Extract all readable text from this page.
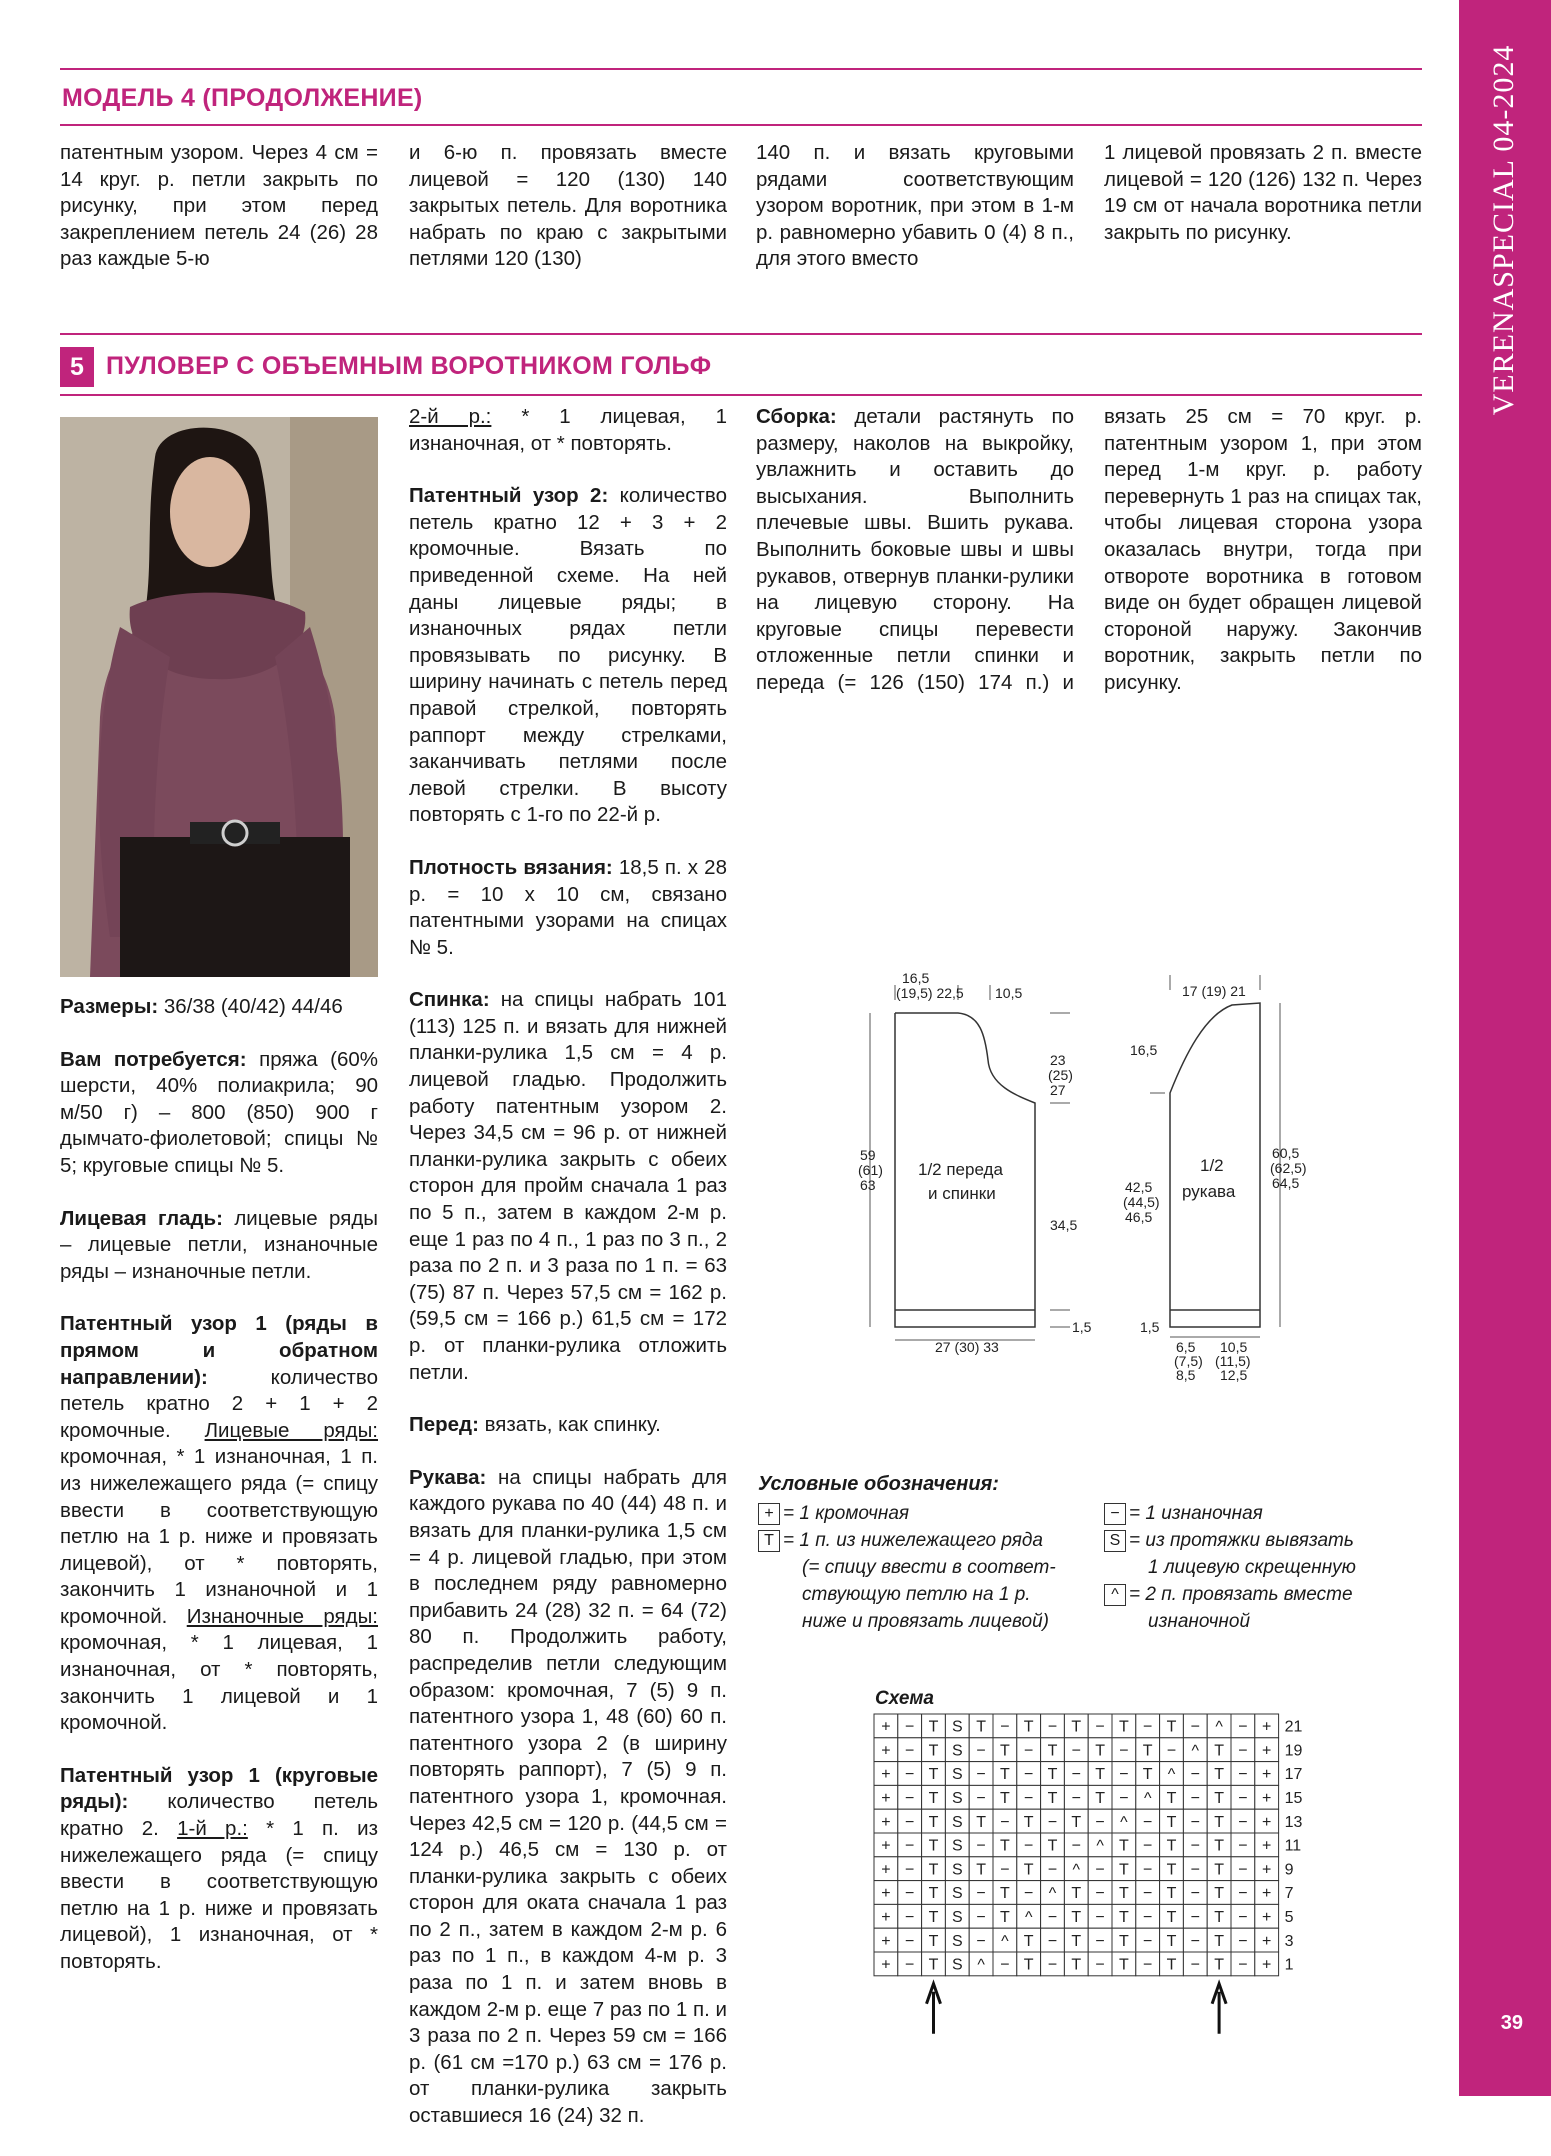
VERENASPECIAL 04-2024
39
МОДЕЛЬ 4 (ПРОДОЛЖЕНИЕ)
патентным узором. Через 4 см = 14 круг. р. петли закрыть по рисунку, при этом перед закреплением петель 24 (26) 28 раз каждые 5-ю
и 6-ю п. провязать вместе лицевой = 120 (130) 140 закрытых петель. Для воротника набрать по краю с закрытыми петлями 120 (130)
140 п. и вязать круговыми рядами соответствующим узором воротник, при этом в 1-м р. равномерно убавить 0 (4) 8 п., для этого вместо
1 лицевой провязать 2 п. вместе лицевой = 120 (126) 132 п. Через 19 см от начала воротника петли закрыть по рисунку.
5 ПУЛОВЕР С ОБЪЕМНЫМ ВОРОТНИКОМ ГОЛЬФ

Размеры: 36/38 (40/42) 44/46

Вам потребуется: пряжа (60% шерсти, 40% полиакрила; 90 м/50 г) – 800 (850) 900 г дымчато-фиолетовой; спицы № 5; круговые спицы № 5.

Лицевая гладь: лицевые ряды – лицевые петли, изнаночные ряды – изнаночные петли.

Патентный узор 1 (ряды в прямом и обратном направлении):	количество петель кратно 2 + 1 + 2 кромочные. Лицевые ряды: кромочная, * 1 изнаночная, 1 п. из нижележащего ряда (= спицу ввести в соответствующую петлю на 1 р. ниже и провязать лицевой), от * повторять, закончить 1 изнаночной и 1 кромочной. Изнаночные ряды: кромочная, * 1 лицевая, 1 изнаночная, от * повторять, закончить 1 лицевой и 1 кромочной.

Патентный узор 1 (круговые ряды): количество петель кратно 2. 1-й р.: * 1 п. из нижележащего ряда (= спицу ввести в соответствующую петлю на 1 р. ниже и провязать лицевой), 1 изнаночная, от * повторять.

2-й р.: * 1 лицевая, 1 изнаночная, от * повторять.

Патентный узор 2: количество петель кратно 12 + 3 + 2 кромочные. Вязать по приведенной схеме. На ней даны лицевые ряды; в изнаночных рядах петли провязывать по рисунку. В ширину начинать с петель перед правой стрелкой, повторять раппорт между стрелками, заканчивать петлями после левой стрелки. В высоту повторять с 1-го по 22-й р.

Плотность вязания: 18,5 п. х 28 р. = 10 х 10 см, связано патентными узорами на спицах № 5.

Спинка: на спицы набрать 101 (113) 125 п. и вязать для нижней планки-рулика 1,5 см = 4 р. лицевой гладью. Продолжить работу патентным узором 2. Через 34,5 см = 96 р. от нижней планки-рулика закрыть с обеих сторон для пройм сначала 1 раз по 5 п., затем в каждом 2-м р. еще 1 раз по 4 п., 1 раз по 3 п., 2 раза по 2 п. и 3 раза по 1 п. = 63 (75) 87 п. Через 57,5 см = 162 р. (59,5 см = 166 р.) 61,5 см = 172 р. от планки-рулика отложить петли.

Перед: вязать, как спинку.

Рукава: на спицы набрать для каждого рукава по 40 (44) 48 п. и вязать для планки-рулика 1,5 см = 4 р. лицевой гладью, при этом в последнем ряду равномерно прибавить 24 (28) 32 п. = 64 (72) 80 п. Продолжить работу, распределив петли следующим образом: кромочная, 7 (5) 9 п. патентного узора 1, 48 (60) 60 п. патентного узора 2 (в ширину повторять раппорт), 7 (5) 9 п. патентного узора 1, кромочная. Через 42,5 см = 120 р. (44,5 см = 124 р.) 46,5 см = 130 р. от планки-рулика закрыть с обеих сторон для оката сначала 1 раз по 2 п., затем в каждом 2-м р. 6 раз по 1 п., в каждом 4-м р. 3 раза по 1 п. и затем вновь в каждом 2-м р. еще 7 раз по 1 п. и 3 раза по 2 п. Через 59 см = 166 р. (61 см =170 р.) 63 см = 176 р. от планки-рулика закрыть оставшиеся 16 (24) 32 п.

Сборка: детали растянуть по размеру, наколов на выкройку, увлажнить и оставить до высыхания. Выполнить плечевые швы. Вшить рукава. Выполнить боковые швы и швы рукавов, отвернув планки-рулики на лицевую сторону. На круговые спицы перевести отложенные петли спинки и переда (= 126 (150) 174 п.) и вязать 25 см = 70 круг. р. патентным узором 1, при этом перед 1-м круг. р. работу перевернуть 1 раз на спицах так, чтобы лицевая сторона узора оказалась внутри, тогда при отвороте воротника в готовом виде он будет обращен лицевой стороной наружу. Закончив воротник, закрыть петли по рисунку.

16,5
(19,5) 22,5 10,5
23
(25)
27
59
(61)
63
1/2 переда
и спинки
34,5
1,5
27 (30) 33
17 (19) 21
16,5
42,5
(44,5)
46,5
1/2
рукава
60,5
(62,5)
64,5
1,5
6,5
(7,5)
8,5
10,5
(11,5)
12,5
Условные обозначения:
+ = 1 кромочная
T = 1 п. из нижележащего ряда
(= спицу ввести в соответ-
ствующую петлю на 1 р.
ниже и провязать лицевой)
− = 1 изнаночная
S = из протяжки вывязать
1 лицевую скрещенную
^ = 2 п. провязать вместе
изнаночной
Схема
+ − T S T − T − T − T − T − ^ − + 21
+ − T S − T − T − T − T − ^ T − + 19
+ − T S − T − T − T − T ^ − T − + 17
+ − T S − T − T − T − ^ T − T − + 15
+ − T S T − T − T − ^ − T − T − + 13
+ − T S − T − T − ^ T − T − T − + 11
+ − T S T − T − ^ − T − T − T − + 9
+ − T S − T − ^ T − T − T − T − + 7
+ − T S − T ^ − T − T − T − T − + 5
+ − T S − ^ T − T − T − T − T − + 3
+ − T S ^ − T − T − T − T − T − + 1
